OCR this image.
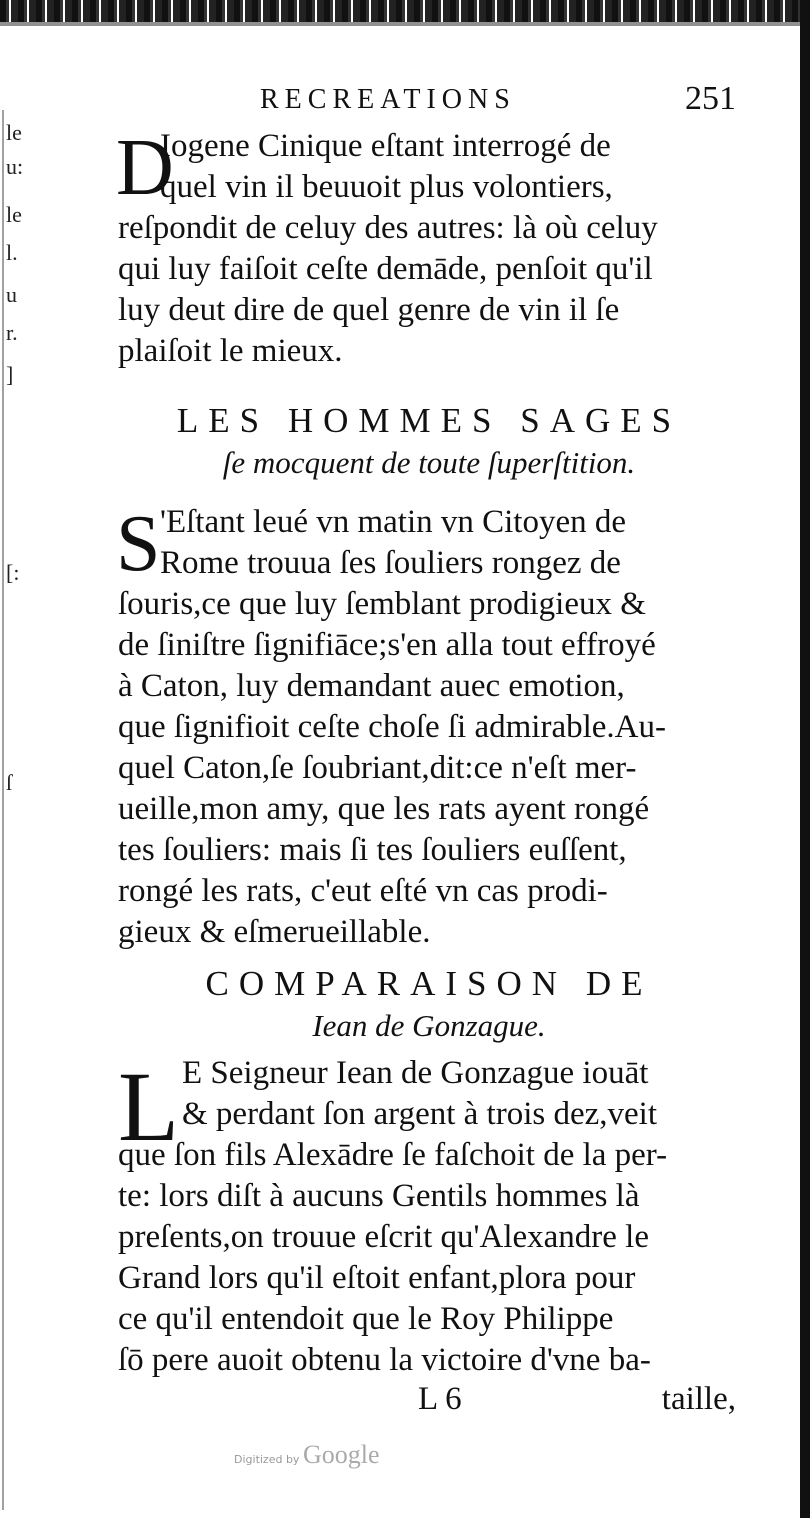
le
u:
le
l.
u
r.
]
ſ
[:
RECREATIONS	251
D
Iogene Cinique eſtant interrogé de
quel vin il beuuoit plus volontiers,
reſpondit de celuy des autres: là où celuy
qui luy faiſoit ceſte demāde, penſoit qu'il
luy deut dire de quel genre de vin il ſe
plaiſoit le mieux.
LES HOMMES SAGES
ſe mocquent de toute ſuperſtition.
S 'Eſtant leué vn matin vn Citoyen de
Rome trouua ſes ſouliers rongez de
ſouris,ce que luy ſemblant prodigieux &
de ſiniſtre ſignifiāce;s'en alla tout effroyé
à Caton, luy demandant auec emotion,
que ſignifioit ceſte choſe ſi admirable.Au-
quel Caton,ſe ſoubriant,dit:ce n'eſt mer-
ueille,mon amy, que les rats ayent rongé
tes ſouliers: mais ſi tes ſouliers euſſent,
rongé les rats, c'eut eſté vn cas prodi-
gieux & eſmerueillable.
COMPARAISON DE
Iean de Gonzague.
L E Seigneur Iean de Gonzague iouāt
& perdant ſon argent à trois dez,veit
que ſon fils Alexādre ſe faſchoit de la per-
te: lors diſt à aucuns Gentils hommes là
preſents,on trouue eſcrit qu'Alexandre le
Grand lors qu'il eſtoit enfant,plora pour
ce qu'il entendoit que le Roy Philippe
ſō pere auoit obtenu la victoire d'vne ba-
L 6	taille,
Digitized by Google
